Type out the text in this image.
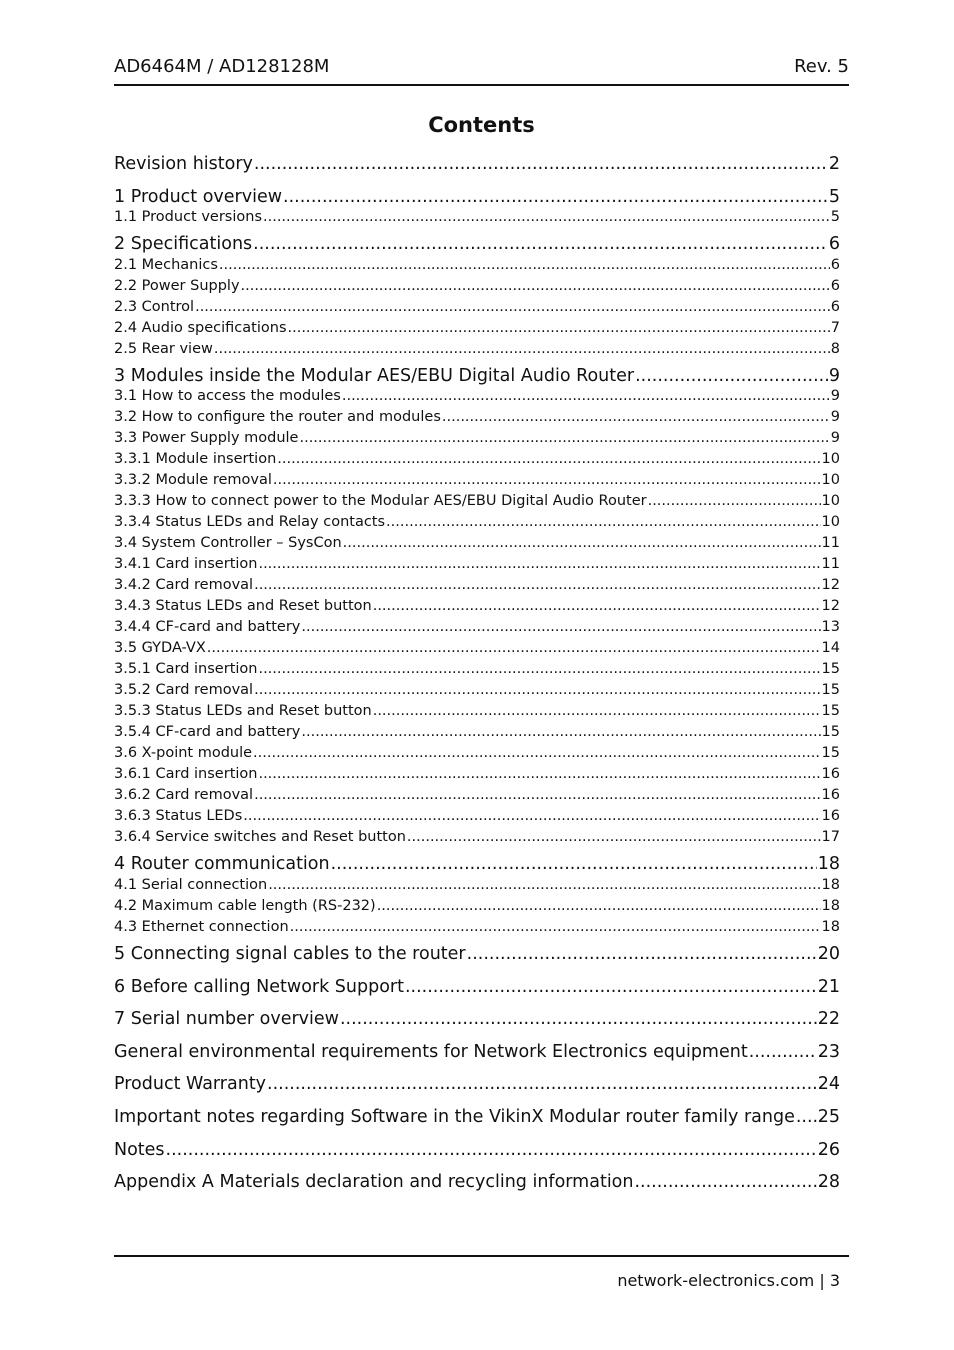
AD6464M / AD128128M	Rev. 5
Contents
Revision history .....	2
1 Product overview .....	5
1.1 Product versions .....	5
2 Specifications .....	6
2.1 Mechanics .....	6
2.2 Power Supply .....	6
2.3 Control .....	6
2.4 Audio specifications .....	7
2.5 Rear view .....	8
3 Modules inside the Modular AES/EBU Digital Audio Router .....	9
3.1 How to access the modules .....	9
3.2 How to configure the router and modules .....	9
3.3 Power Supply module .....	9
3.3.1 Module insertion .....	10
3.3.2 Module removal .....	10
3.3.3 How to connect power to the Modular AES/EBU Digital Audio Router .....	10
3.3.4 Status LEDs and Relay contacts .....	10
3.4 System Controller – SysCon .....	11
3.4.1 Card insertion .....	11
3.4.2 Card removal .....	12
3.4.3 Status LEDs and Reset button .....	12
3.4.4 CF-card and battery .....	13
3.5 GYDA-VX .....	14
3.5.1 Card insertion .....	15
3.5.2 Card removal .....	15
3.5.3 Status LEDs and Reset button .....	15
3.5.4 CF-card and battery .....	15
3.6 X-point module .....	15
3.6.1 Card insertion .....	16
3.6.2 Card removal .....	16
3.6.3 Status LEDs .....	16
3.6.4 Service switches and Reset button .....	17
4 Router communication .....	18
4.1 Serial connection .....	18
4.2 Maximum cable length (RS-232) .....	18
4.3 Ethernet connection .....	18
5 Connecting signal cables to the router .....	20
6 Before calling Network Support .....	21
7 Serial number overview .....	22
General environmental requirements for Network Electronics equipment .....	23
Product Warranty .....	24
Important notes regarding Software in the VikinX Modular router family range ..... 25
Notes .....	26
Appendix A Materials declaration and recycling information .....	28
network-electronics.com | 3
